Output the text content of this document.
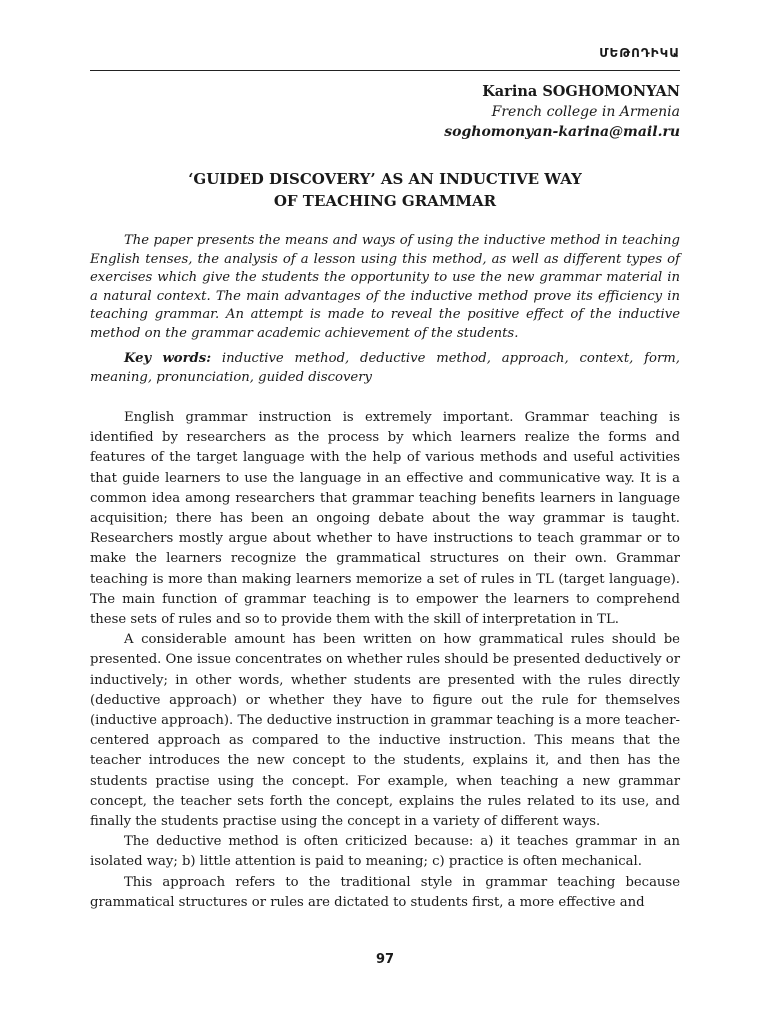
ՄԵԹՈԴԻԿԱ
Karina SOGHOMONYAN
French college in Armenia
soghomonyan-karina@mail.ru
‘GUIDED DISCOVERY’ AS AN INDUCTIVE WAY
OF TEACHING GRAMMAR

The paper presents the means and ways of using the inductive method in teaching English tenses, the analysis of a lesson using this method, as well as different types of exercises which give the students the opportunity to use the new grammar material in a natural context. The main advantages of the inductive method prove its efficiency in teaching grammar. An attempt is made to reveal the positive effect of the inductive method on the grammar academic achievement of the students.

Key words: inductive method, deductive method, approach, context, form, meaning, pronunciation, guided discovery

English grammar instruction is extremely important. Grammar teaching is identified by researchers as the process by which learners realize the forms and features of the target language with the help of various methods and useful activities that guide learners to use the language in an effective and communicative way. It is a common idea among researchers that grammar teaching benefits learners in language acquisition; there has been an ongoing debate about the way grammar is taught. Researchers mostly argue about whether to have instructions to teach grammar or to make the learners recognize the grammatical structures on their own. Grammar teaching is more than making learners memorize a set of rules in TL (target language). The main function of grammar teaching is to empower the learners to comprehend these sets of rules and so to provide them with the skill of interpretation in TL.

A considerable amount has been written on how grammatical rules should be presented. One issue concentrates on whether rules should be presented deductively or inductively; in other words, whether students are presented with the rules directly (deductive approach) or whether they have to figure out the rule for themselves (inductive approach). The deductive instruction in grammar teaching is a more teacher-centered approach as compared to the inductive instruction. This means that the teacher introduces the new concept to the students, explains it, and then has the students practise using the concept. For example, when teaching a new grammar concept, the teacher sets forth the concept, explains the rules related to its use, and finally the students practise using the concept in a variety of different ways.

The deductive method is often criticized because: a) it teaches grammar in an isolated way; b) little attention is paid to meaning; c) practice is often mechanical.

This approach refers to the traditional style in grammar teaching because grammatical structures or rules are dictated to students first, a more effective and

97
